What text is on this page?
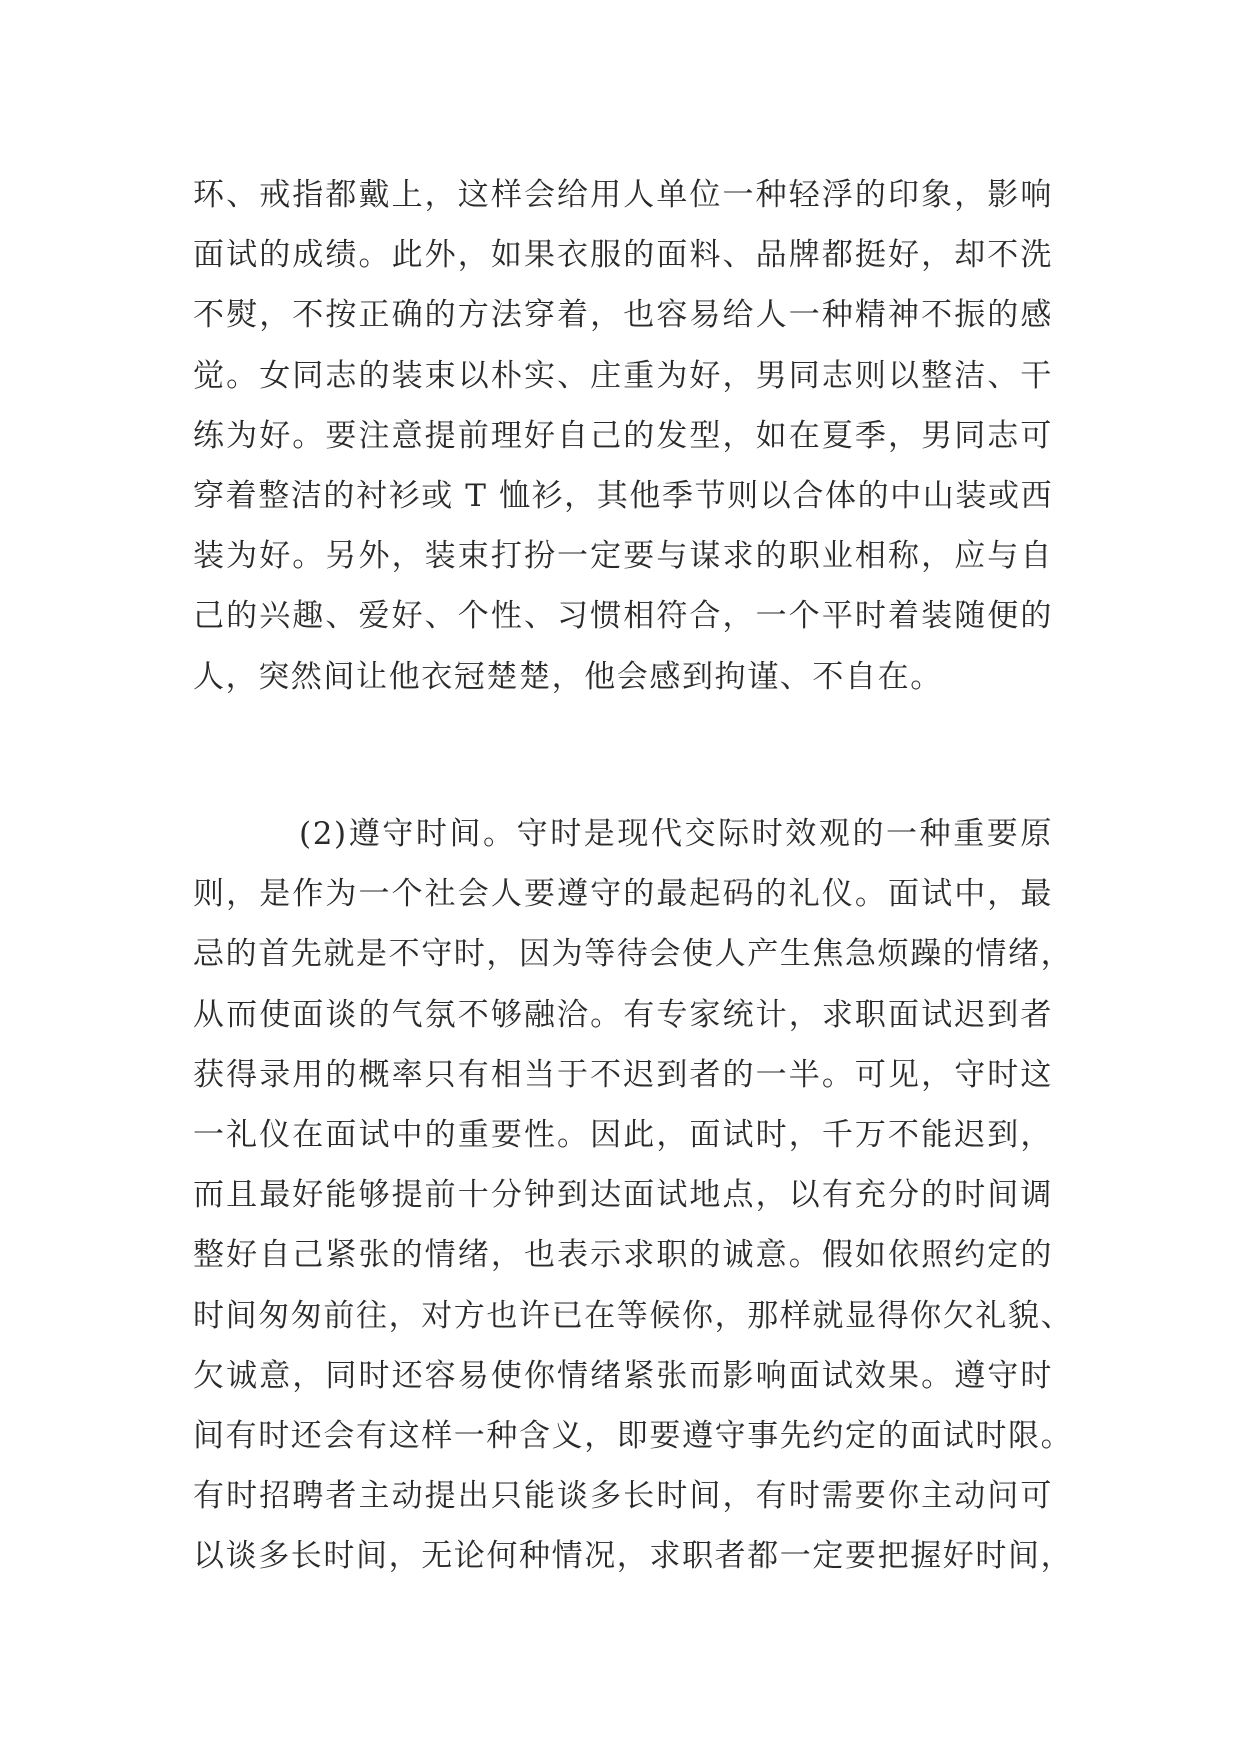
环、戒指都戴上，这样会给用人单位一种轻浮的印象，影响
面试的成绩。此外，如果衣服的面料、品牌都挺好，却不洗
不熨，不按正确的方法穿着，也容易给人一种精神不振的感
觉。女同志的装束以朴实、庄重为好，男同志则以整洁、干
练为好。要注意提前理好自己的发型，如在夏季，男同志可
穿着整洁的衬衫或 T 恤衫，其他季节则以合体的中山装或西
装为好。另外，装束打扮一定要与谋求的职业相称，应与自
己的兴趣、爱好、个性、习惯相符合，一个平时着装随便的
人，突然间让他衣冠楚楚，他会感到拘谨、不自在。
(2)遵守时间。守时是现代交际时效观的一种重要原
则，是作为一个社会人要遵守的最起码的礼仪。面试中，最
忌的首先就是不守时，因为等待会使人产生焦急烦躁的情绪，
从而使面谈的气氛不够融洽。有专家统计，求职面试迟到者
获得录用的概率只有相当于不迟到者的一半。可见，守时这
一礼仪在面试中的重要性。因此，面试时，千万不能迟到，
而且最好能够提前十分钟到达面试地点，以有充分的时间调
整好自己紧张的情绪，也表示求职的诚意。假如依照约定的
时间匆匆前往，对方也许已在等候你，那样就显得你欠礼貌、
欠诚意，同时还容易使你情绪紧张而影响面试效果。遵守时
间有时还会有这样一种含义，即要遵守事先约定的面试时限。
有时招聘者主动提出只能谈多长时间，有时需要你主动问可
以谈多长时间，无论何种情况，求职者都一定要把握好时间，
